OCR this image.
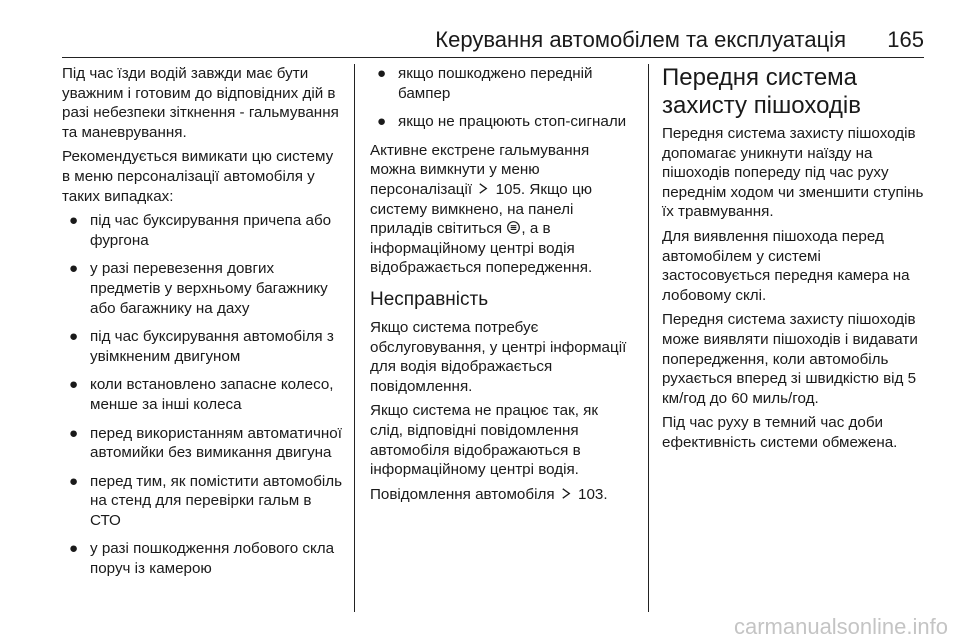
Керування автомобілем та експлуатація 165

Під час їзди водій завжди має бути уважним і готовим до відповідних дій в разі небезпеки зіткнення - гальмування та маневрування.

Рекомендується вимикати цю систему в меню персоналізації автомобіля у таких випадках:

● під час буксирування причепа або фургона
● у разі перевезення довгих предметів у верхньому багажнику або багажнику на даху
● під час буксирування автомобіля з увімкненим двигуном
● коли встановлено запасне колесо, менше за інші колеса
● перед використанням автоматичної автомийки без вимикання двигуна
● перед тим, як помістити автомобіль на стенд для перевірки гальм в СТО
● у разі пошкодження лобового скла поруч із камерою
● якщо пошкоджено передній бампер
● якщо не працюють стоп-сигнали

Активне екстрене гальмування можна вимкнути у меню персоналізації 105. Якщо цю систему вимкнено, на панелі приладів світиться , а в інформаційному центрі водія відображається попередження.

Несправність

Якщо система потребує обслуговування, у центрі інформації для водія відображається повідомлення.

Якщо система не працює так, як слід, відповідні повідомлення автомобіля відображаються в інформаційному центрі водія.

Повідомлення автомобіля 103.

Передня система захисту пішоходів

Передня система захисту пішоходів допомагає уникнути наїзду на пішоходів попереду під час руху переднім ходом чи зменшити ступінь їх травмування.

Для виявлення пішохода перед автомобілем у системі застосовується передня камера на лобовому склі.

Передня система захисту пішоходів може виявляти пішоходів і видавати попередження, коли автомобіль рухається вперед зі швидкістю від 5 км/год до 60 миль/год.

Під час руху в темний час доби ефективність системи обмежена.

carmanualsonline.info
